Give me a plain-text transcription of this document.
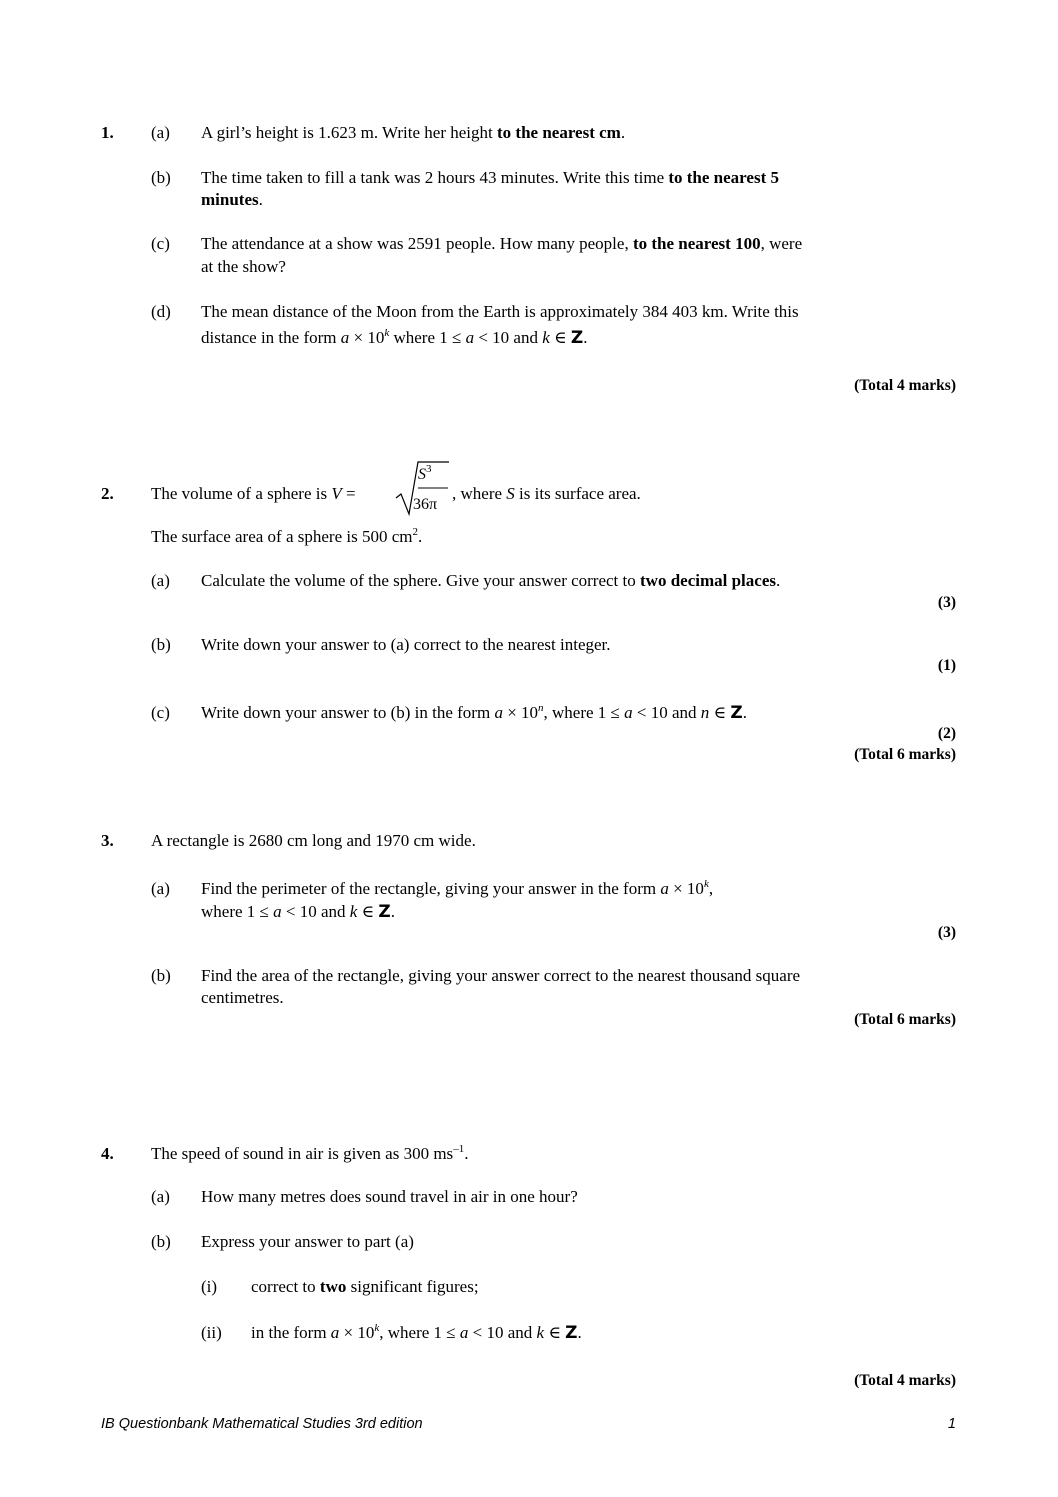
1. (a) A girl’s height is 1.623 m. Write her height to the nearest cm.
(b) The time taken to fill a tank was 2 hours 43 minutes. Write this time to the nearest 5
minutes.
(c) The attendance at a show was 2591 people. How many people, to the nearest 100, were
at the show?
(d) The mean distance of the Moon from the Earth is approximately 384 403 km. Write this
distance in the form $a \times 10^k$ where 1 ≤ a < 10 and k ∈ Z.
(Total 4 marks)
2. The volume of a sphere is V =
$S^3$
36π
, where S is its surface area.
The surface area of a sphere is 500 $cm^2$.
(a) Calculate the volume of the sphere. Give your answer correct to two decimal places.
(3)
(b) Write down your answer to (a) correct to the nearest integer.
(1)
(c) Write down your answer to (b) in the form $a \times 10^n$, where 1 ≤ a < 10 and n ∈ Z.
(2)
(Total 6 marks)
3. A rectangle is 2680 cm long and 1970 cm wide.
(a) Find the perimeter of the rectangle, giving your answer in the form $a \times 10^k$,
where 1 ≤ a < 10 and k ∈ Z.
(3)
(b) Find the area of the rectangle, giving your answer correct to the nearest thousand square
centimetres.
(Total 6 marks)
4. The speed of sound in air is given as 300 $ms^{-1}$.
(a) How many metres does sound travel in air in one hour?
(b) Express your answer to part (a)
(i) correct to two significant figures;
(ii) in the form $a \times 10^k$, where 1 ≤ a < 10 and k ∈ Z.
(Total 4 marks)
IB Questionbank Mathematical Studies 3rd edition	1
